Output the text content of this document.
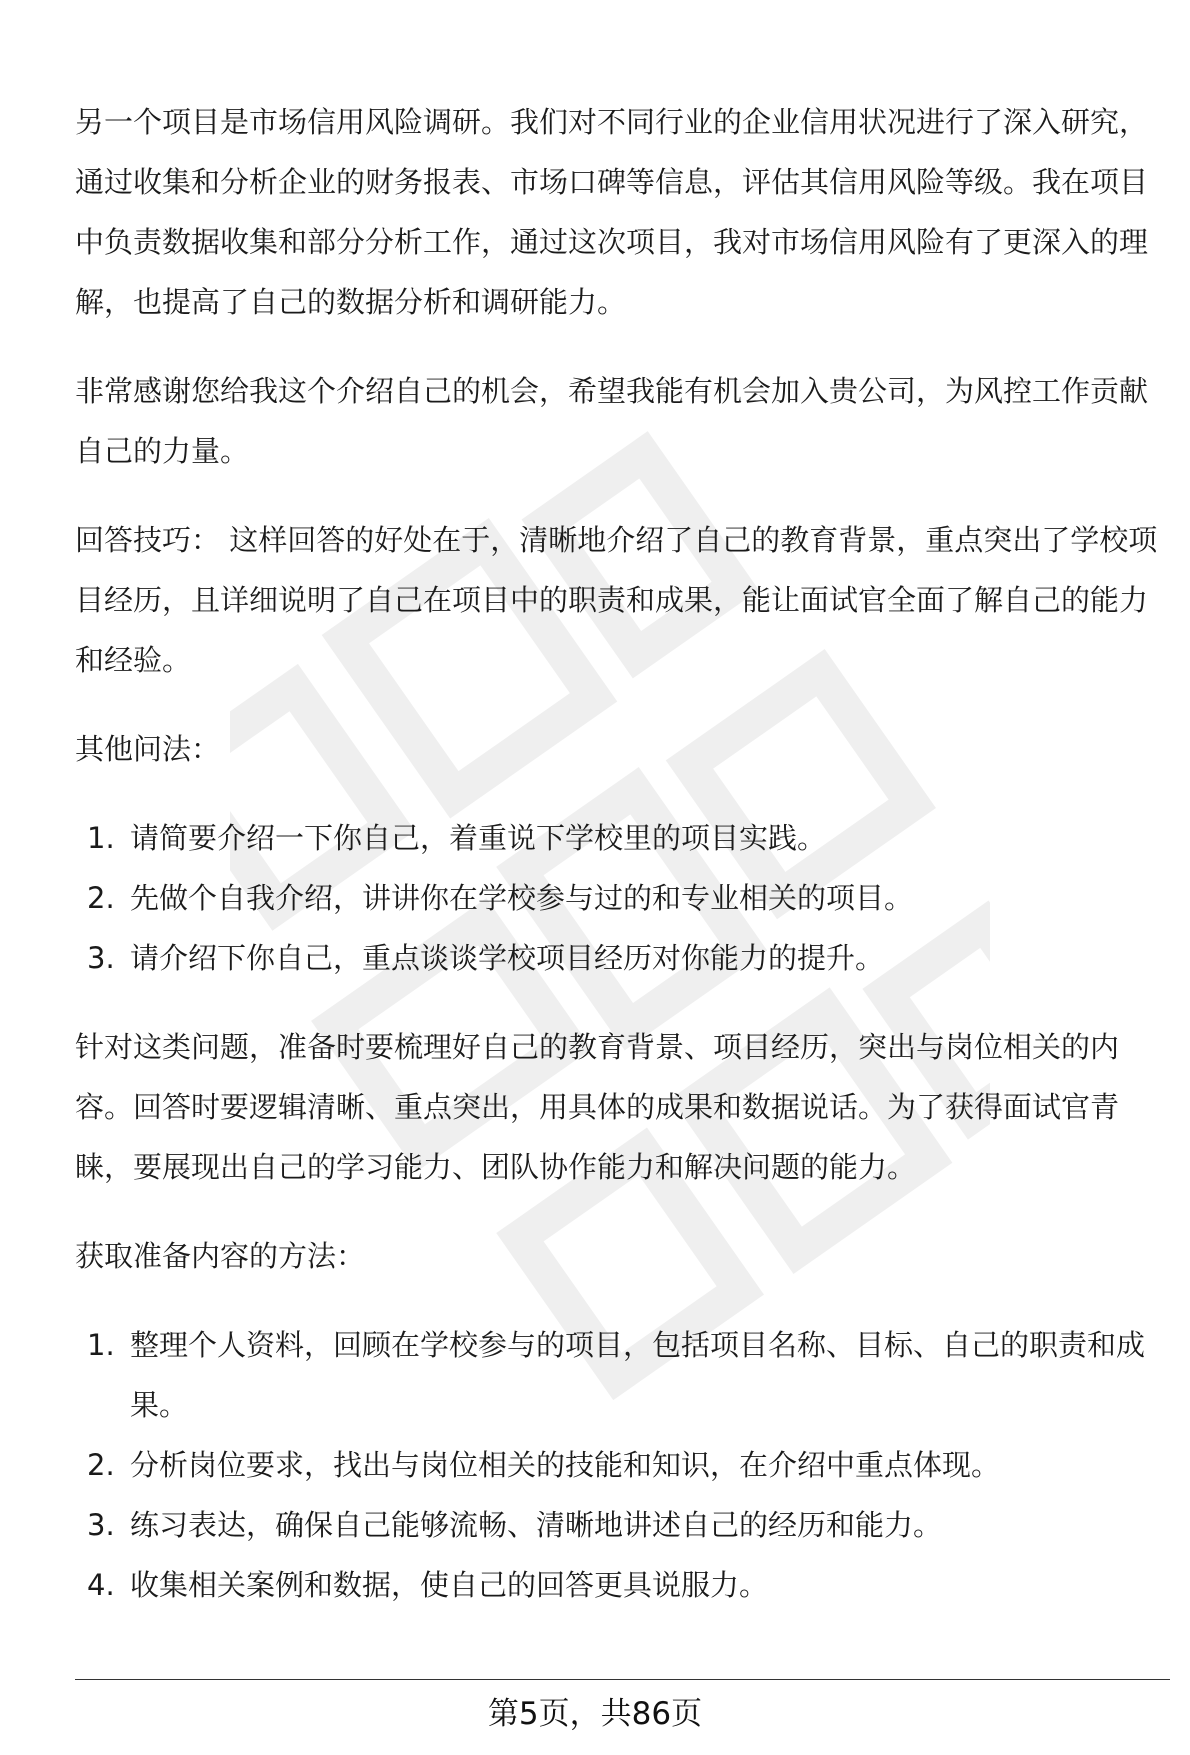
另一个项目是市场信用风险调研。我们对不同行业的企业信用状况进行了深入研究，通过收集和分析企业的财务报表、市场口碑等信息，评估其信用风险等级。我在项目中负责数据收集和部分分析工作，通过这次项目，我对市场信用风险有了更深入的理解，也提高了自己的数据分析和调研能力。

非常感谢您给我这个介绍自己的机会，希望我能有机会加入贵公司，为风控工作贡献自己的力量。

回答技巧： 这样回答的好处在于，清晰地介绍了自己的教育背景，重点突出了学校项目经历，且详细说明了自己在项目中的职责和成果，能让面试官全面了解自己的能力和经验。

其他问法：

1. 请简要介绍一下你自己，着重说下学校里的项目实践。
2. 先做个自我介绍，讲讲你在学校参与过的和专业相关的项目。
3. 请介绍下你自己，重点谈谈学校项目经历对你能力的提升。

针对这类问题，准备时要梳理好自己的教育背景、项目经历，突出与岗位相关的内容。回答时要逻辑清晰、重点突出，用具体的成果和数据说话。为了获得面试官青睐，要展现出自己的学习能力、团队协作能力和解决问题的能力。

获取准备内容的方法：

1. 整理个人资料，回顾在学校参与的项目，包括项目名称、目标、自己的职责和成果。
2. 分析岗位要求，找出与岗位相关的技能和知识，在介绍中重点体现。
3. 练习表达，确保自己能够流畅、清晰地讲述自己的经历和能力。
4. 收集相关案例和数据，使自己的回答更具说服力。
第5页，共86页
